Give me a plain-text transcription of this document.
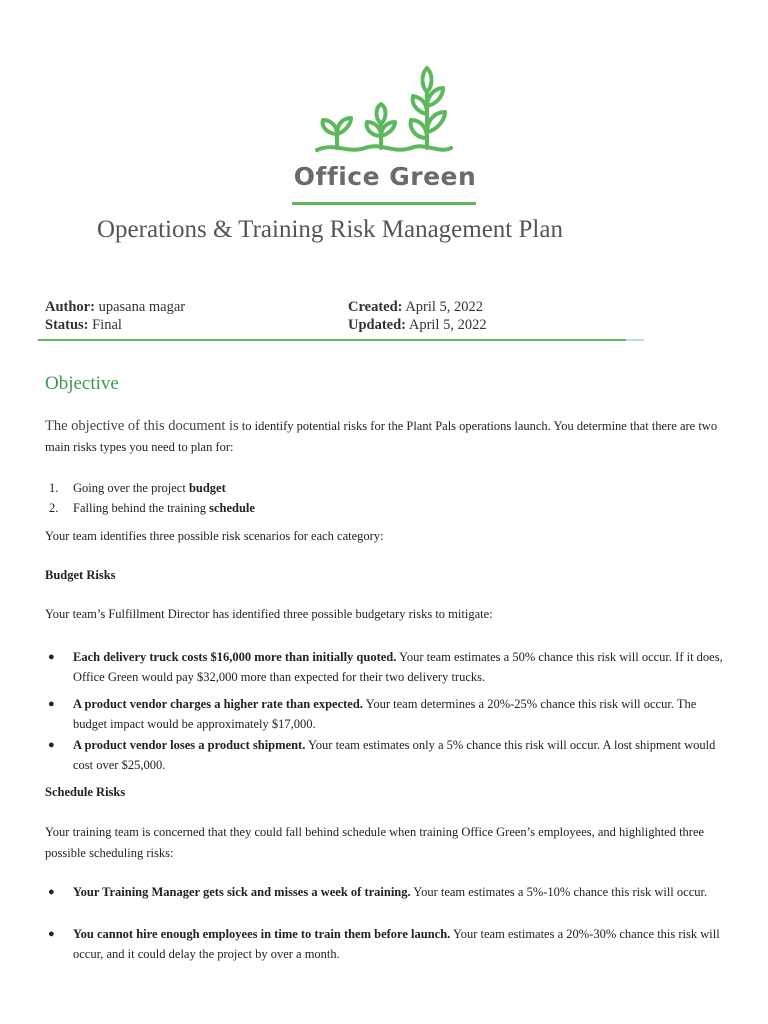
Office Green
Operations & Training Risk Management Plan
Author: upasana magar
Status: Final
Created: April 5, 2022
Updated: April 5, 2022
Objective
The objective of this document is to identify potential risks for the Plant Pals operations launch. You determine that there are two main risks types you need to plan for:
1. Going over the project budget
2. Falling behind the training schedule
Your team identifies three possible risk scenarios for each category:
Budget Risks
Your team’s Fulfillment Director has identified three possible budgetary risks to mitigate:
● Each delivery truck costs $16,000 more than initially quoted. Your team estimates a 50% chance this risk will occur. If it does, Office Green would pay $32,000 more than expected for their two delivery trucks.
● A product vendor charges a higher rate than expected. Your team determines a 20%-25% chance this risk will occur. The budget impact would be approximately $17,000.
● A product vendor loses a product shipment. Your team estimates only a 5% chance this risk will occur. A lost shipment would cost over $25,000.
Schedule Risks
Your training team is concerned that they could fall behind schedule when training Office Green’s employees, and highlighted three possible scheduling risks:
● Your Training Manager gets sick and misses a week of training. Your team estimates a 5%-10% chance this risk will occur.
● You cannot hire enough employees in time to train them before launch. Your team estimates a 20%-30% chance this risk will occur, and it could delay the project by over a month.
